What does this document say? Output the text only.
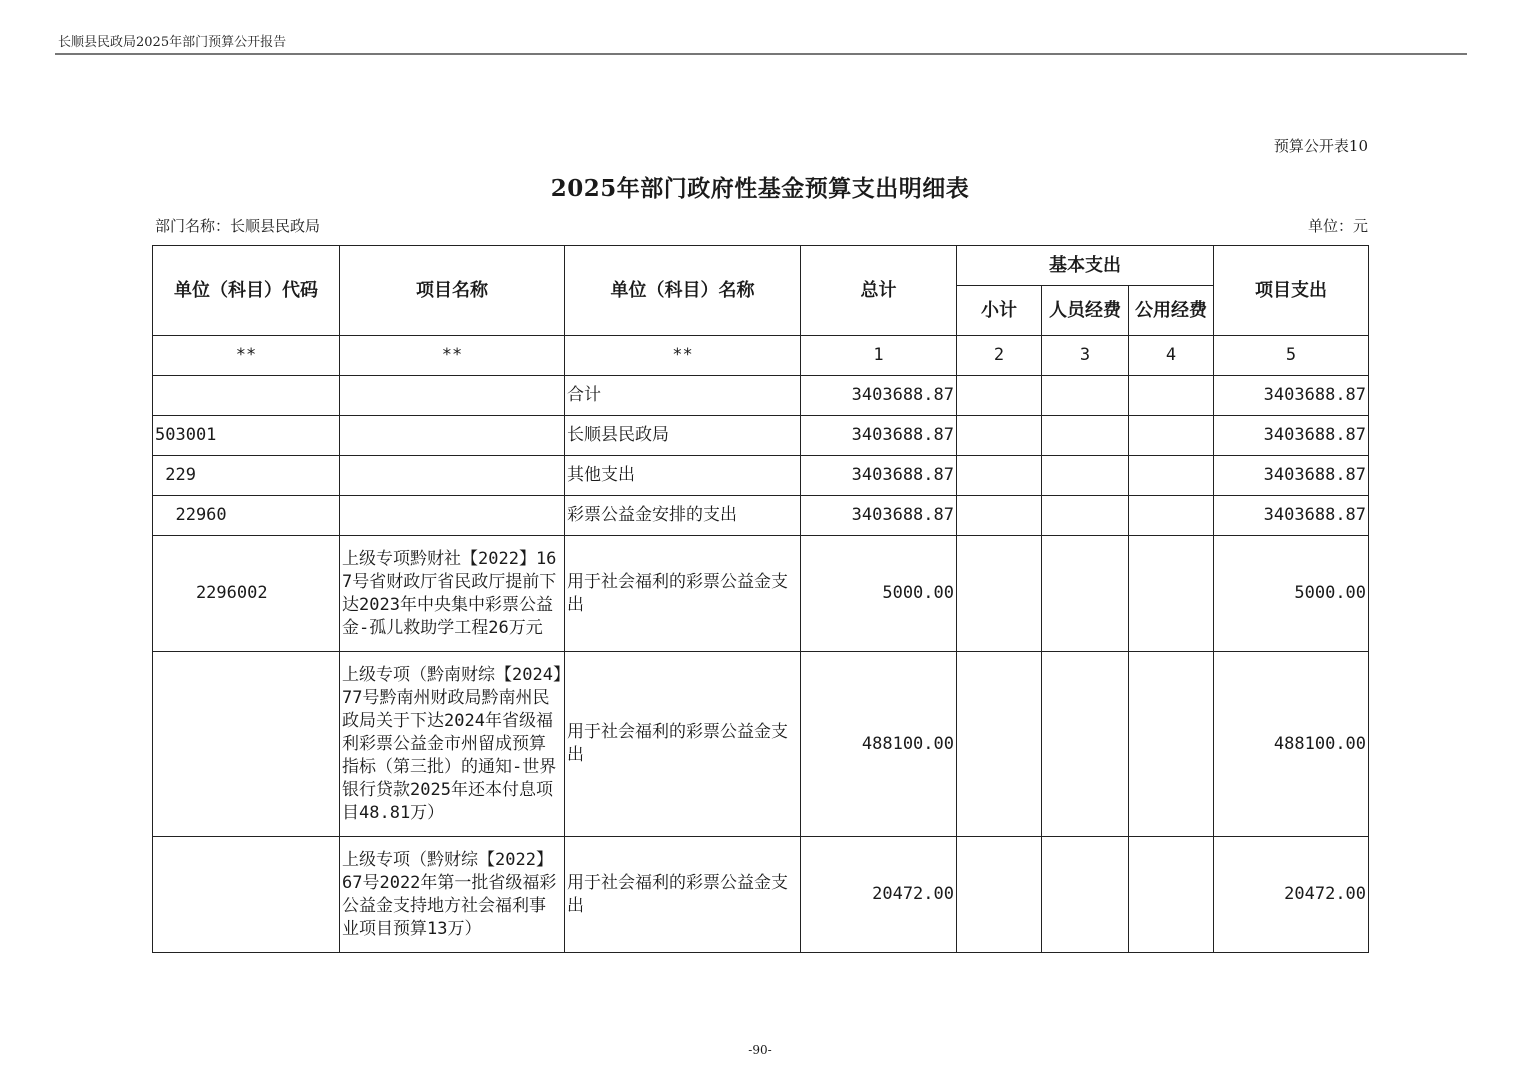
长顺县民政局2025年部门预算公开报告
预算公开表10
2025年部门政府性基金预算支出明细表
部门名称：长顺县民政局	单位：元
单位（科目）代码	项目名称	单位（科目）名称	总计	基本支出			项目支出
				小计	人员经费	公用经费	
**	**	**	1	2	3	4	5
		合计	3403688.87				3403688.87
503001		长顺县民政局	3403688.87				3403688.87
229		其他支出	3403688.87				3403688.87
22960		彩票公益金安排的支出	3403688.87				3403688.87
2296002	上级专项黔财社【2022】167号省财政厅省民政厅提前下达2023年中央集中彩票公益金-孤儿救助学工程26万元	用于社会福利的彩票公益金支出	5000.00				5000.00
	上级专项（黔南财综【2024】77号黔南州财政局黔南州民政局关于下达2024年省级福利彩票公益金市州留成预算指标（第三批）的通知-世界银行贷款2025年还本付息项目48.81万）	用于社会福利的彩票公益金支出	488100.00				488100.00
	上级专项（黔财综【2022】67号2022年第一批省级福彩公益金支持地方社会福利事业项目预算13万）	用于社会福利的彩票公益金支出	20472.00				20472.00
-90-
